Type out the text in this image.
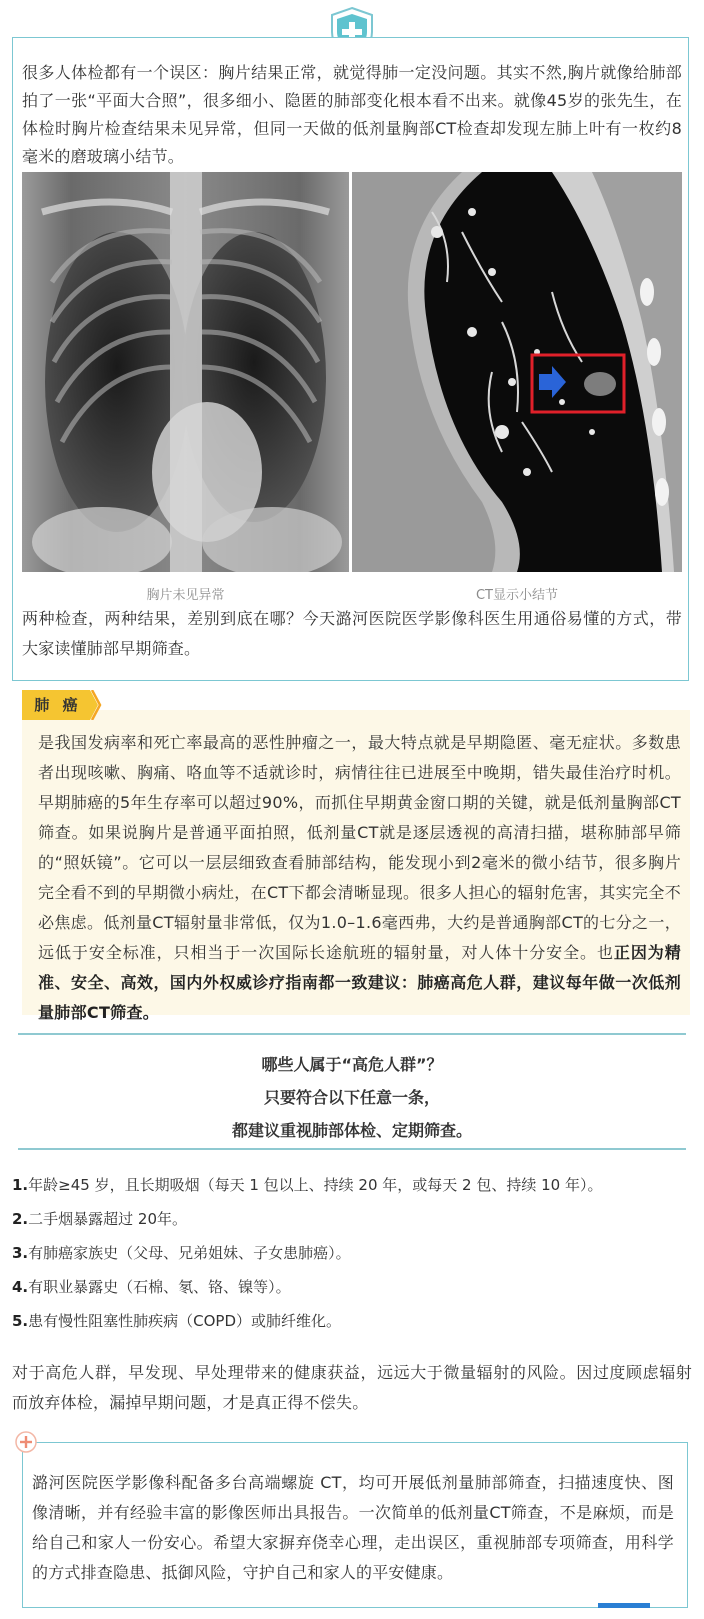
很多人体检都有一个误区：胸片结果正常，就觉得肺一定没问题。其实不然,胸片就像给肺部拍了一张“平面大合照”，很多细小、隐匿的肺部变化根本看不出来。就像45岁的张先生，在体检时胸片检查结果未见异常，但同一天做的低剂量胸部CT检查却发现左肺上叶有一枚约8毫米的磨玻璃小结节。

胸片未见异常	CT显示小结节

两种检查，两种结果，差别到底在哪？今天潞河医院医学影像科医生用通俗易懂的方式，带大家读懂肺部早期筛查。

肺 癌

是我国发病率和死亡率最高的恶性肿瘤之一，最大特点就是早期隐匿、毫无症状。多数患者出现咳嗽、胸痛、咯血等不适就诊时，病情往往已进展至中晚期，错失最佳治疗时机。早期肺癌的5年生存率可以超过90%，而抓住早期黄金窗口期的关键，就是低剂量胸部CT筛查。如果说胸片是普通平面拍照，低剂量CT就是逐层透视的高清扫描，堪称肺部早筛的“照妖镜”。它可以一层层细致查看肺部结构，能发现小到2毫米的微小结节，很多胸片完全看不到的早期微小病灶，在CT下都会清晰显现。很多人担心的辐射危害，其实完全不必焦虑。低剂量CT辐射量非常低，仅为1.0–1.6毫西弗，大约是普通胸部CT的七分之一，远低于安全标准，只相当于一次国际长途航班的辐射量，对人体十分安全。也正因为精准、安全、高效，国内外权威诊疗指南都一致建议：肺癌高危人群，建议每年做一次低剂量肺部CT筛查。

哪些人属于“高危人群”？
只要符合以下任意一条，
都建议重视肺部体检、定期筛查。
1.年龄≥45 岁，且长期吸烟（每天 1 包以上、持续 20 年，或每天 2 包、持续 10 年）。
2.二手烟暴露超过 20年。
3.有肺癌家族史（父母、兄弟姐妹、子女患肺癌）。
4.有职业暴露史（石棉、氡、铬、镍等）。
5.患有慢性阻塞性肺疾病（COPD）或肺纤维化。

对于高危人群，早发现、早处理带来的健康获益，远远大于微量辐射的风险。因过度顾虑辐射而放弃体检，漏掉早期问题，才是真正得不偿失。

潞河医院医学影像科配备多台高端螺旋 CT，均可开展低剂量肺部筛查，扫描速度快、图像清晰，并有经验丰富的影像医师出具报告。一次简单的低剂量CT筛查，不是麻烦，而是给自己和家人一份安心。希望大家摒弃侥幸心理，走出误区，重视肺部专项筛查，用科学的方式排查隐患、抵御风险，守护自己和家人的平安健康。
